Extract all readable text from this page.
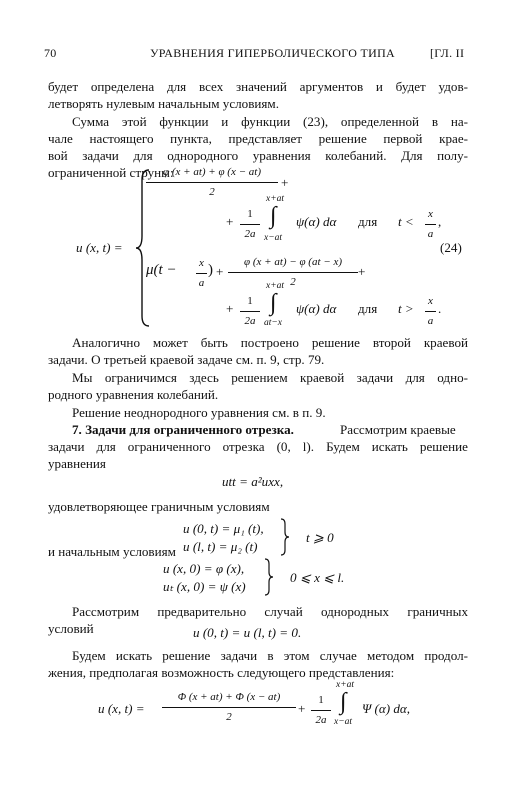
70	УРАВНЕНИЯ ГИПЕРБОЛИЧЕСКОГО ТИПА	[ГЛ. II
будет определена для всех значений аргументов и будет удов-
летворять нулевым начальным условиям.
Сумма этой функции и функции (23), определенной в на-
чале настоящего пункта, представляет решение первой крае-
вой задачи для однородного уравнения колебаний. Для полу-
ограниченной струны:
u (x, t) =
φ (x + at) + φ (x − at)
2
+
+	1
2a
x+at
∫
x−at
ψ(α) dα для t < x
a
,
(24)
μ(t − x
a
) +
φ (x + at) − φ (at − x)
2
+
+	1
2a
x+at
∫
at−x
ψ(α) dα для t > x
a
.
Аналогично может быть построено решение второй краевой
задачи. О третьей краевой задаче см. п. 9, стр. 79.
Мы ограничимся здесь решением краевой задачи для одно-
родного уравнения колебаний.
Решение неоднородного уравнения см. в п. 9.
7. Задачи для ограниченного отрезка.	Рассмотрим краевые
задачи для ограниченного отрезка (0, l). Будем искать решение
уравнения
utt = a²uxx,
удовлетворяющее граничным условиям
u (0, t) = μ₁ (t),
u (l, t) = μ₂ (t)
t ⩾ 0
и начальным условиям
u (x, 0) = φ (x),
uₜ (x, 0) = ψ (x)
0 ⩽ x ⩽ l.
Рассмотрим предварительно случай однородных граничных
условий	u (0, t) = u (l, t) = 0.
Будем искать решение задачи в этом случае методом продол-
жения, предполагая возможность следующего представления:
u (x, t) =
Φ (x + at) + Φ (x − at)
2
+
1
2a
x+at
∫
x−at
Ψ (α) dα,
